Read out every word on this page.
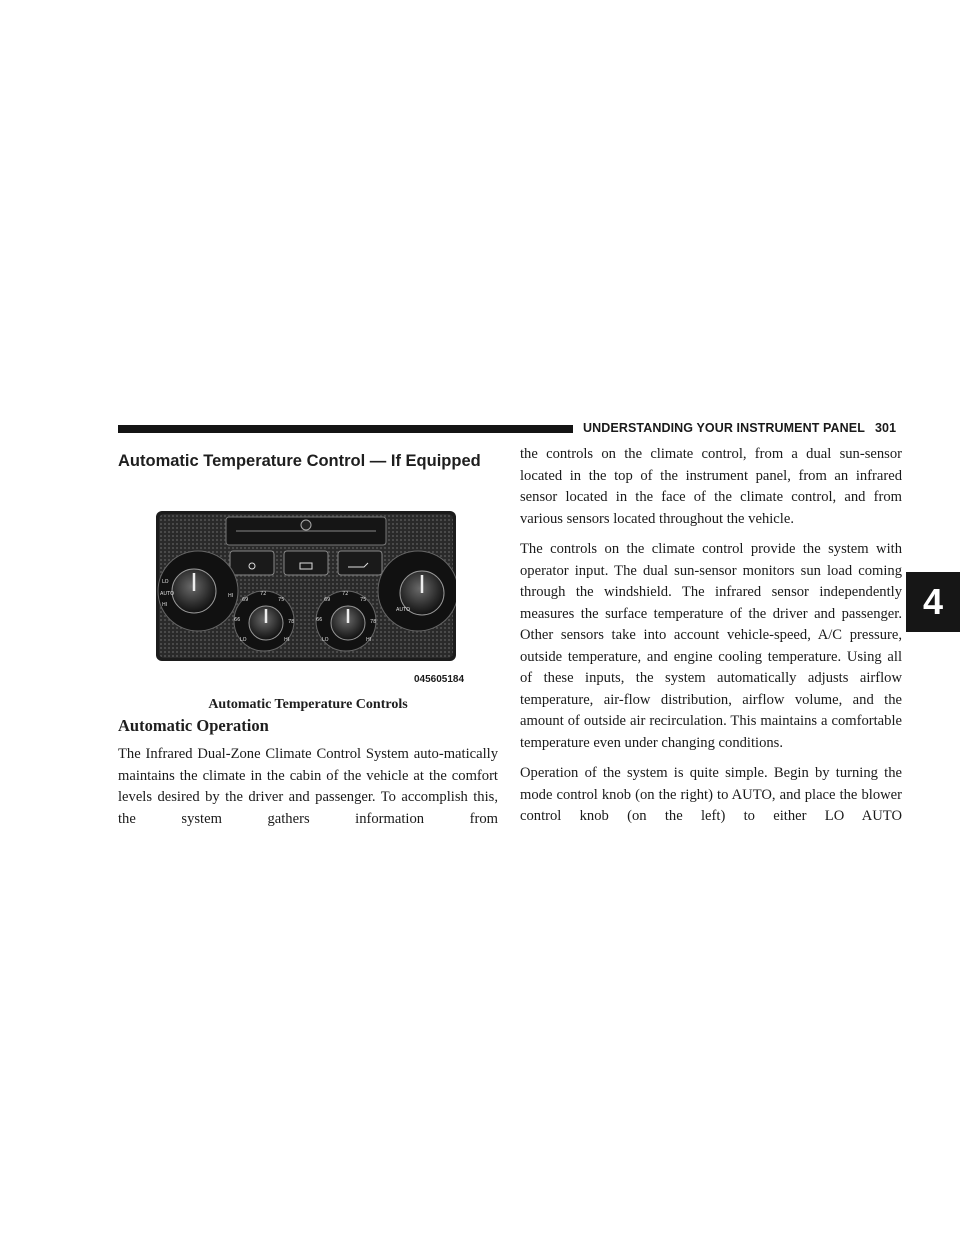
UNDERSTANDING YOUR INSTRUMENT PANEL 301
4
Automatic Temperature Control — If Equipped
LO
AUTO
HI
HI
69
72
75
66	78
LO	HI
69
72
75
66	78
LO	HI
AUTO
045605184
Automatic Temperature Controls
Automatic Operation

The Infrared Dual-Zone Climate Control System auto-matically maintains the climate in the cabin of the vehicle at the comfort levels desired by the driver and passenger. To accomplish this, the system gathers information from

the controls on the climate control, from a dual sun-sensor located in the top of the instrument panel, from an infrared sensor located in the face of the climate control, and from various sensors located throughout the vehicle.

The controls on the climate control provide the system with operator input. The dual sun-sensor monitors sun load coming through the windshield. The infrared sensor independently measures the surface temperature of the driver and passenger. Other sensors take into account vehicle-speed, A/C pressure, outside temperature, and engine cooling temperature. Using all of these inputs, the system automatically adjusts airflow temperature, air-flow distribution, airflow volume, and the amount of outside air recirculation. This maintains a comfortable temperature even under changing conditions.

Operation of the system is quite simple. Begin by turning the mode control knob (on the right) to AUTO, and place the blower control knob (on the left) to either LO AUTO
